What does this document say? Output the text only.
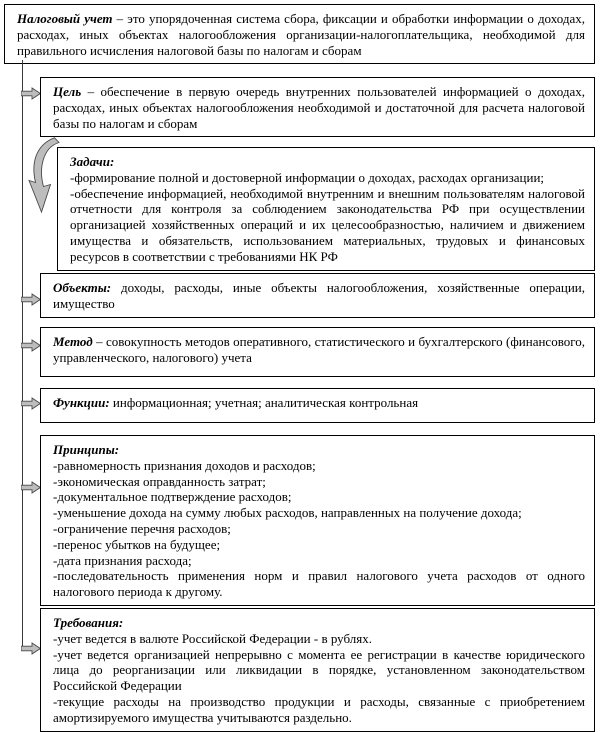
Налоговый учет – это упорядоченная система сбора, фиксации и обработки информации о доходах, расходах, иных объектах налогообложения организации-налогоплательщика, необходимой для правильного исчисления налоговой базы по налогам и сборам
Цель – обеспечение в первую очередь внутренних пользователей информацией о доходах, расходах, иных объектах налогообложения необходимой и достаточной для расчета налоговой базы по налогам и сборам
Задачи:
-формирование полной и достоверной информации о доходах, расходах организации;
-обеспечение информацией, необходимой внутренним и внешним пользователям налоговой отчетности для контроля за соблюдением законодательства РФ при осуществлении организацией хозяйственных операций и их целесообразностью, наличием и движением имущества и обязательств, использованием материальных, трудовых и финансовых ресурсов в соответствии с требованиями НК РФ
Объекты: доходы, расходы, иные объекты налогообложения, хозяйственные операции, имущество
Метод – совокупность методов оперативного, статистического и бухгалтерского (финансового, управленческого, налогового) учета
Функции: информационная; учетная; аналитическая контрольная
Принципы:
-равномерность признания доходов и расходов;
-экономическая оправданность затрат;
-документальное подтверждение расходов;
-уменьшение дохода на сумму любых расходов, направленных на получение дохода;
-ограничение перечня расходов;
-перенос убытков на будущее;
-дата признания расхода;
-последовательность применения норм и правил налогового учета расходов от одного налогового периода к другому.
Требования:
-учет ведется в валюте Российской Федерации - в рублях.
-учет ведется организацией непрерывно с момента ее регистрации в качестве юридического лица до реорганизации или ликвидации в порядке, установленном законодательством Российской Федерации
-текущие расходы на производство продукции и расходы, связанные с приобретением амортизируемого имущества учитываются раздельно.
